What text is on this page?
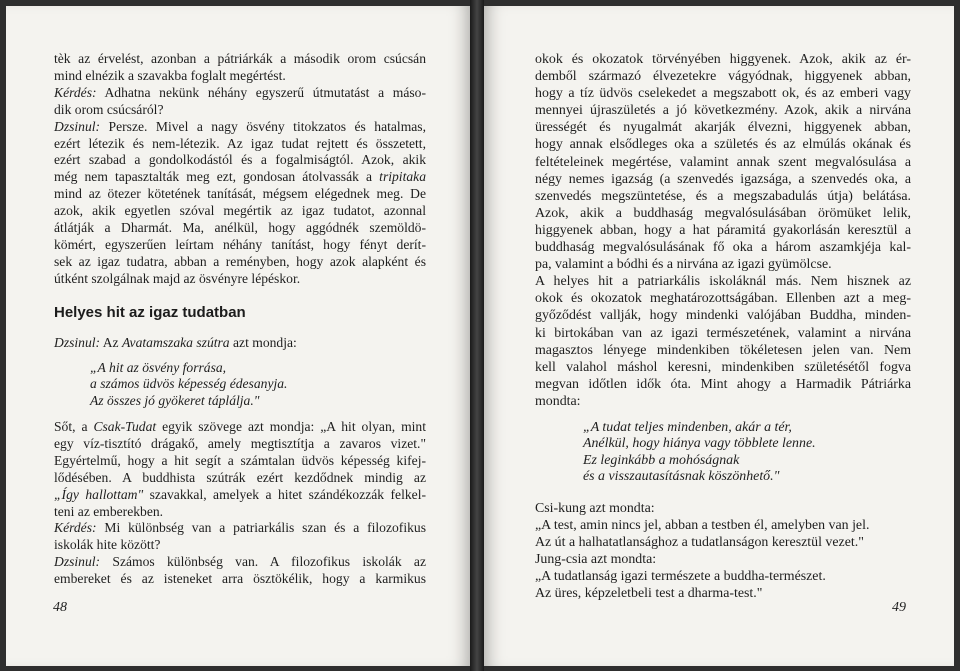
tèk az érvelést, azonban a pátriárkák a második orom csúcsán

mind elnézik a szavakba foglalt megértést.

Kérdés: Adhatna nekünk néhány egyszerű útmutatást a máso-

dik orom csúcsáról?

Dzsinul: Persze. Mivel a nagy ösvény titokzatos és hatalmas,

ezért létezik és nem-létezik. Az igaz tudat rejtett és összetett,

ezért szabad a gondolkodástól és a fogalmiságtól. Azok, akik

még nem tapasztalták meg ezt, gondosan átolvassák a tripitaka

mind az ötezer kötetének tanítását, mégsem elégednek meg. De

azok, akik egyetlen szóval megértik az igaz tudatot, azonnal

átlátják a Dharmát. Ma, anélkül, hogy aggódnék szemöldö-

kömért, egyszerűen leírtam néhány tanítást, hogy fényt derít-

sek az igaz tudatra, abban a reményben, hogy azok alapként és

útként szolgálnak majd az ösvényre lépéskor.

Helyes hit az igaz tudatban

Dzsinul: Az Avatamszaka szútra azt mondja:

„A hit az ösvény forrása,

a számos üdvös képesség édesanyja.

Az összes jó gyökeret táplálja."

Sőt, a Csak-Tudat egyik szövege azt mondja: „A hit olyan, mint

egy víz-tisztító drágakő, amely megtisztítja a zavaros vizet."

Egyértelmű, hogy a hit segít a számtalan üdvös képesség kifej-

lődésében. A buddhista szútrák ezért kezdődnek mindig az

„Így hallottam" szavakkal, amelyek a hitet szándékozzák felkel-

teni az emberekben.

Kérdés: Mi különbség van a patriarkális szan és a filozofikus

iskolák hite között?

Dzsinul: Számos különbség van. A filozofikus iskolák az

embereket és az isteneket arra ösztökélik, hogy a karmikus

48

okok és okozatok törvényében higgyenek. Azok, akik az ér-

demből származó élvezetekre vágyódnak, higgyenek abban,

hogy a tíz üdvös cselekedet a megszabott ok, és az emberi vagy

mennyei újraszületés a jó következmény. Azok, akik a nirvána

ürességét és nyugalmát akarják élvezni, higgyenek abban,

hogy annak elsődleges oka a születés és az elmúlás okának és

feltételeinek megértése, valamint annak szent megvalósulása a

négy nemes igazság (a szenvedés igazsága, a szenvedés oka, a

szenvedés megszüntetése, és a megszabadulás útja) belátása.

Azok, akik a buddhaság megvalósulásában örömüket lelik,

higgyenek abban, hogy a hat páramitá gyakorlásán keresztül a

buddhaság megvalósulásának fő oka a három aszamkjéja kal-

pa, valamint a bódhi és a nirvána az igazi gyümölcse.

A helyes hit a patriarkális iskoláknál más. Nem hisznek az

okok és okozatok meghatározottságában. Ellenben azt a meg-

győződést vallják, hogy mindenki valójában Buddha, minden-

ki birtokában van az igazi természetének, valamint a nirvána

magasztos lényege mindenkiben tökéletesen jelen van. Nem

kell valahol máshol keresni, mindenkiben születésétől fogva

megvan időtlen idők óta. Mint ahogy a Harmadik Pátriárka

mondta:

„A tudat teljes mindenben, akár a tér,

Anélkül, hogy hiánya vagy többlete lenne.

Ez leginkább a mohóságnak

és a visszautasításnak köszönhető."

Csi-kung azt mondta:

„A test, amin nincs jel, abban a testben él, amelyben van jel.

Az út a halhatatlansághoz a tudatlanságon keresztül vezet."

Jung-csia azt mondta:

„A tudatlanság igazi természete a buddha-természet.

Az üres, képzeletbeli test a dharma-test."

49
